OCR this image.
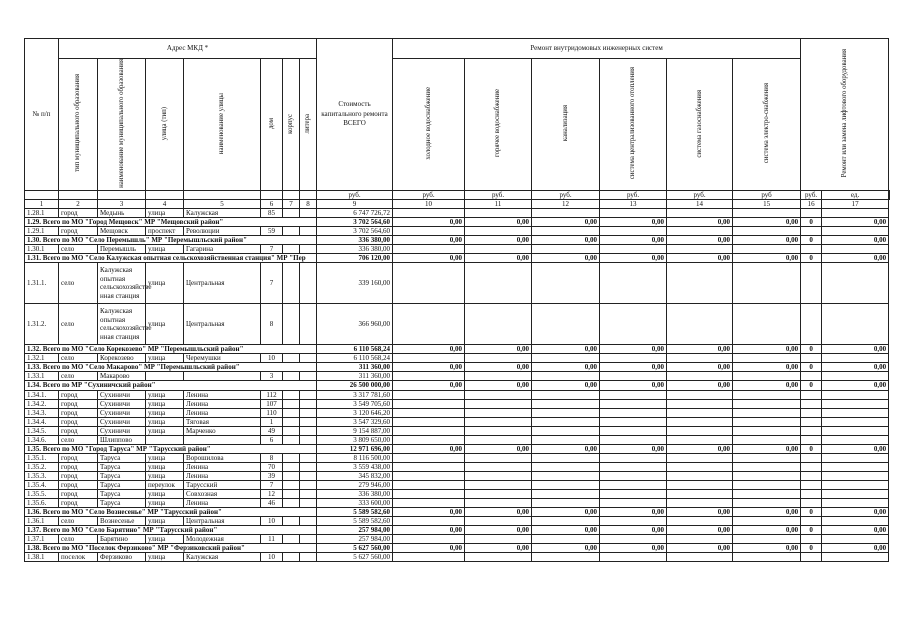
№ п/п	Адрес МКД *							Стоимость капитального ремонта ВСЕГО	Ремонт внутридомовых инженерных систем						Ремонт или замена лифтового оборудования		
	тип муниципального образования	наименование муниципального образования	улица (тип)	наименование улицы	дом	корпус	литера		холодное водоснабжение	горячее водоснабжение	канализация	система централизованного отопления	система газоснабжения	система электро-снабжения			
								руб.	руб.	руб.	руб.	руб.	руб.	руб	руб.	ед.	
1	2	3	4	5	6	7	8	9	10	11	12	13	14	15	16	17	
1.28.1	город	Медынь	улица	Калужская	85			6 747 726,72									
1.29. Всего по МО "Город Мещовск" МР "Мещовский район"								3 702 564,60	0,00	0,00	0,00	0,00	0,00	0,00	0	0,00	
1.29.1	город	Мещовск	проспект	Революции	59			3 702 564,60									
1.30. Всего по МО "Село Перемышль" МР "Перемышльский район"								336 380,00	0,00	0,00	0,00	0,00	0,00	0,00	0	0,00	
1.30.1	село	Перемышль	улица	Гагарина	7			336 380,00									
1.31. Всего по МО "Село Калужская опытная сельскохозяйственная станция" МР "Пер								706 120,00	0,00	0,00	0,00	0,00	0,00	0,00	0	0,00	
1.31.1.	село	Калужская опытная сельскохозяйстве нная станция	улица	Центральная	7			339 160,00									
1.31.2.	село	Калужская опытная сельскохозяйстве нная станция	улица	Центральная	8			366 960,00									
1.32. Всего по МО "Село Корекозево" МР "Перемышльский район"								6 110 568,24	0,00	0,00	0,00	0,00	0,00	0,00	0	0,00	
1.32.1	село	Корекозево	улица	Черемушки	10			6 110 568,24									
1.33. Всего по МО "Село Макарово" МР "Перемышльский район"								311 360,00	0,00	0,00	0,00	0,00	0,00	0,00	0	0,00	
1.33.1	село	Макарово			3			311 360,00									
1.34. Всего по МР "Сухиничский район"								26 500 000,00	0,00	0,00	0,00	0,00	0,00	0,00	0	0,00	
1.34.1.	город	Сухиничи	улица	Ленина	112			3 317 781,60									
1.34.2.	город	Сухиничи	улица	Ленина	107			3 549 705,60									
1.34.3.	город	Сухиничи	улица	Ленина	110			3 120 646,20									
1.34.4.	город	Сухиничи	улица	Тяговая	1			3 547 329,60									
1.34.5.	город	Сухиничи	улица	Марченко	49			9 154 887,00									
1.34.6.	село	Шлиппово			6			3 809 650,00									
1.35. Всего по МО "Город Таруса" МР "Тарусский район"								12 971 696,00	0,00	0,00	0,00	0,00	0,00	0,00	0	0,00	
1.35.1.	город	Таруса	улица	Ворошилова	8			8 116 500,00									
1.35.2.	город	Таруса	улица	Ленина	70			3 559 438,00									
1.35.3.	город	Таруса	улица	Ленина	39			345 832,00									
1.35.4.	город	Таруса	переулок	Тарусский	7			279 946,00									
1.35.5.	город	Таруса	улица	Совхозная	12			336 380,00									
1.35.6.	город	Таруса	улица	Ленина	46			333 600,00									
1.36. Всего по МО "Село Вознесенье" МР "Тарусский район"								5 589 582,60	0,00	0,00	0,00	0,00	0,00	0,00	0	0,00	
1.36.1	село	Вознесенье	улица	Центральная	10			5 589 582,60									
1.37. Всего по МО "Село Барятино" МР "Тарусский район"								257 984,00	0,00	0,00	0,00	0,00	0,00	0,00	0	0,00	
1.37.1	село	Барятино	улица	Молодежная	11			257 984,00									
1.38. Всего по МО "Поселок Ферзиково" МР "Ферзиковский район"								5 627 560,00	0,00	0,00	0,00	0,00	0,00	0,00	0	0,00	
1.38.1	поселок	Ферзиково	улица	Калужская	10			5 627 560,00									
